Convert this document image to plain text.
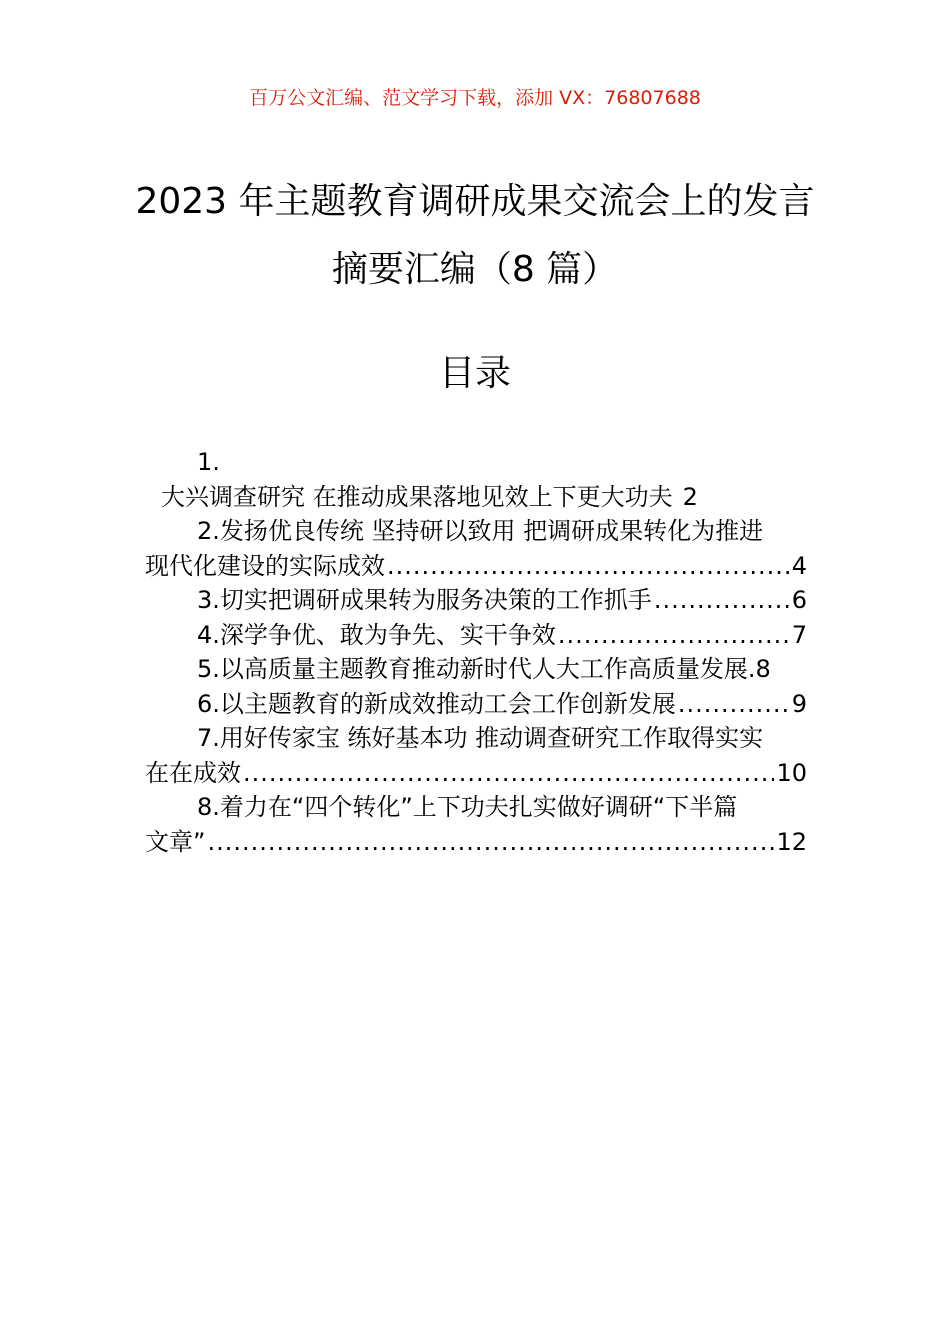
百万公文汇编、范文学习下载，添加 VX：76807688
2023 年主题教育调研成果交流会上的发言
摘要汇编（8 篇）
目录
1.
大兴调查研究 在推动成果落地见效上下更大功夫 2
2.发扬优良传统 坚持研以致用 把调研成果转化为推进
现代化建设的实际成效 .....	4
3.切实把调研成果转为服务决策的工作抓手 .....	6
4.深学争优、敢为争先、实干争效 .....	7
5.以高质量主题教育推动新时代人大工作高质量发展. 8
6.以主题教育的新成效推动工会工作创新发展 .....	9
7.用好传家宝 练好基本功 推动调查研究工作取得实实
在在成效 .....	10
8.着力在“四个转化”上下功夫扎实做好调研“下半篇
文章” .....	12
